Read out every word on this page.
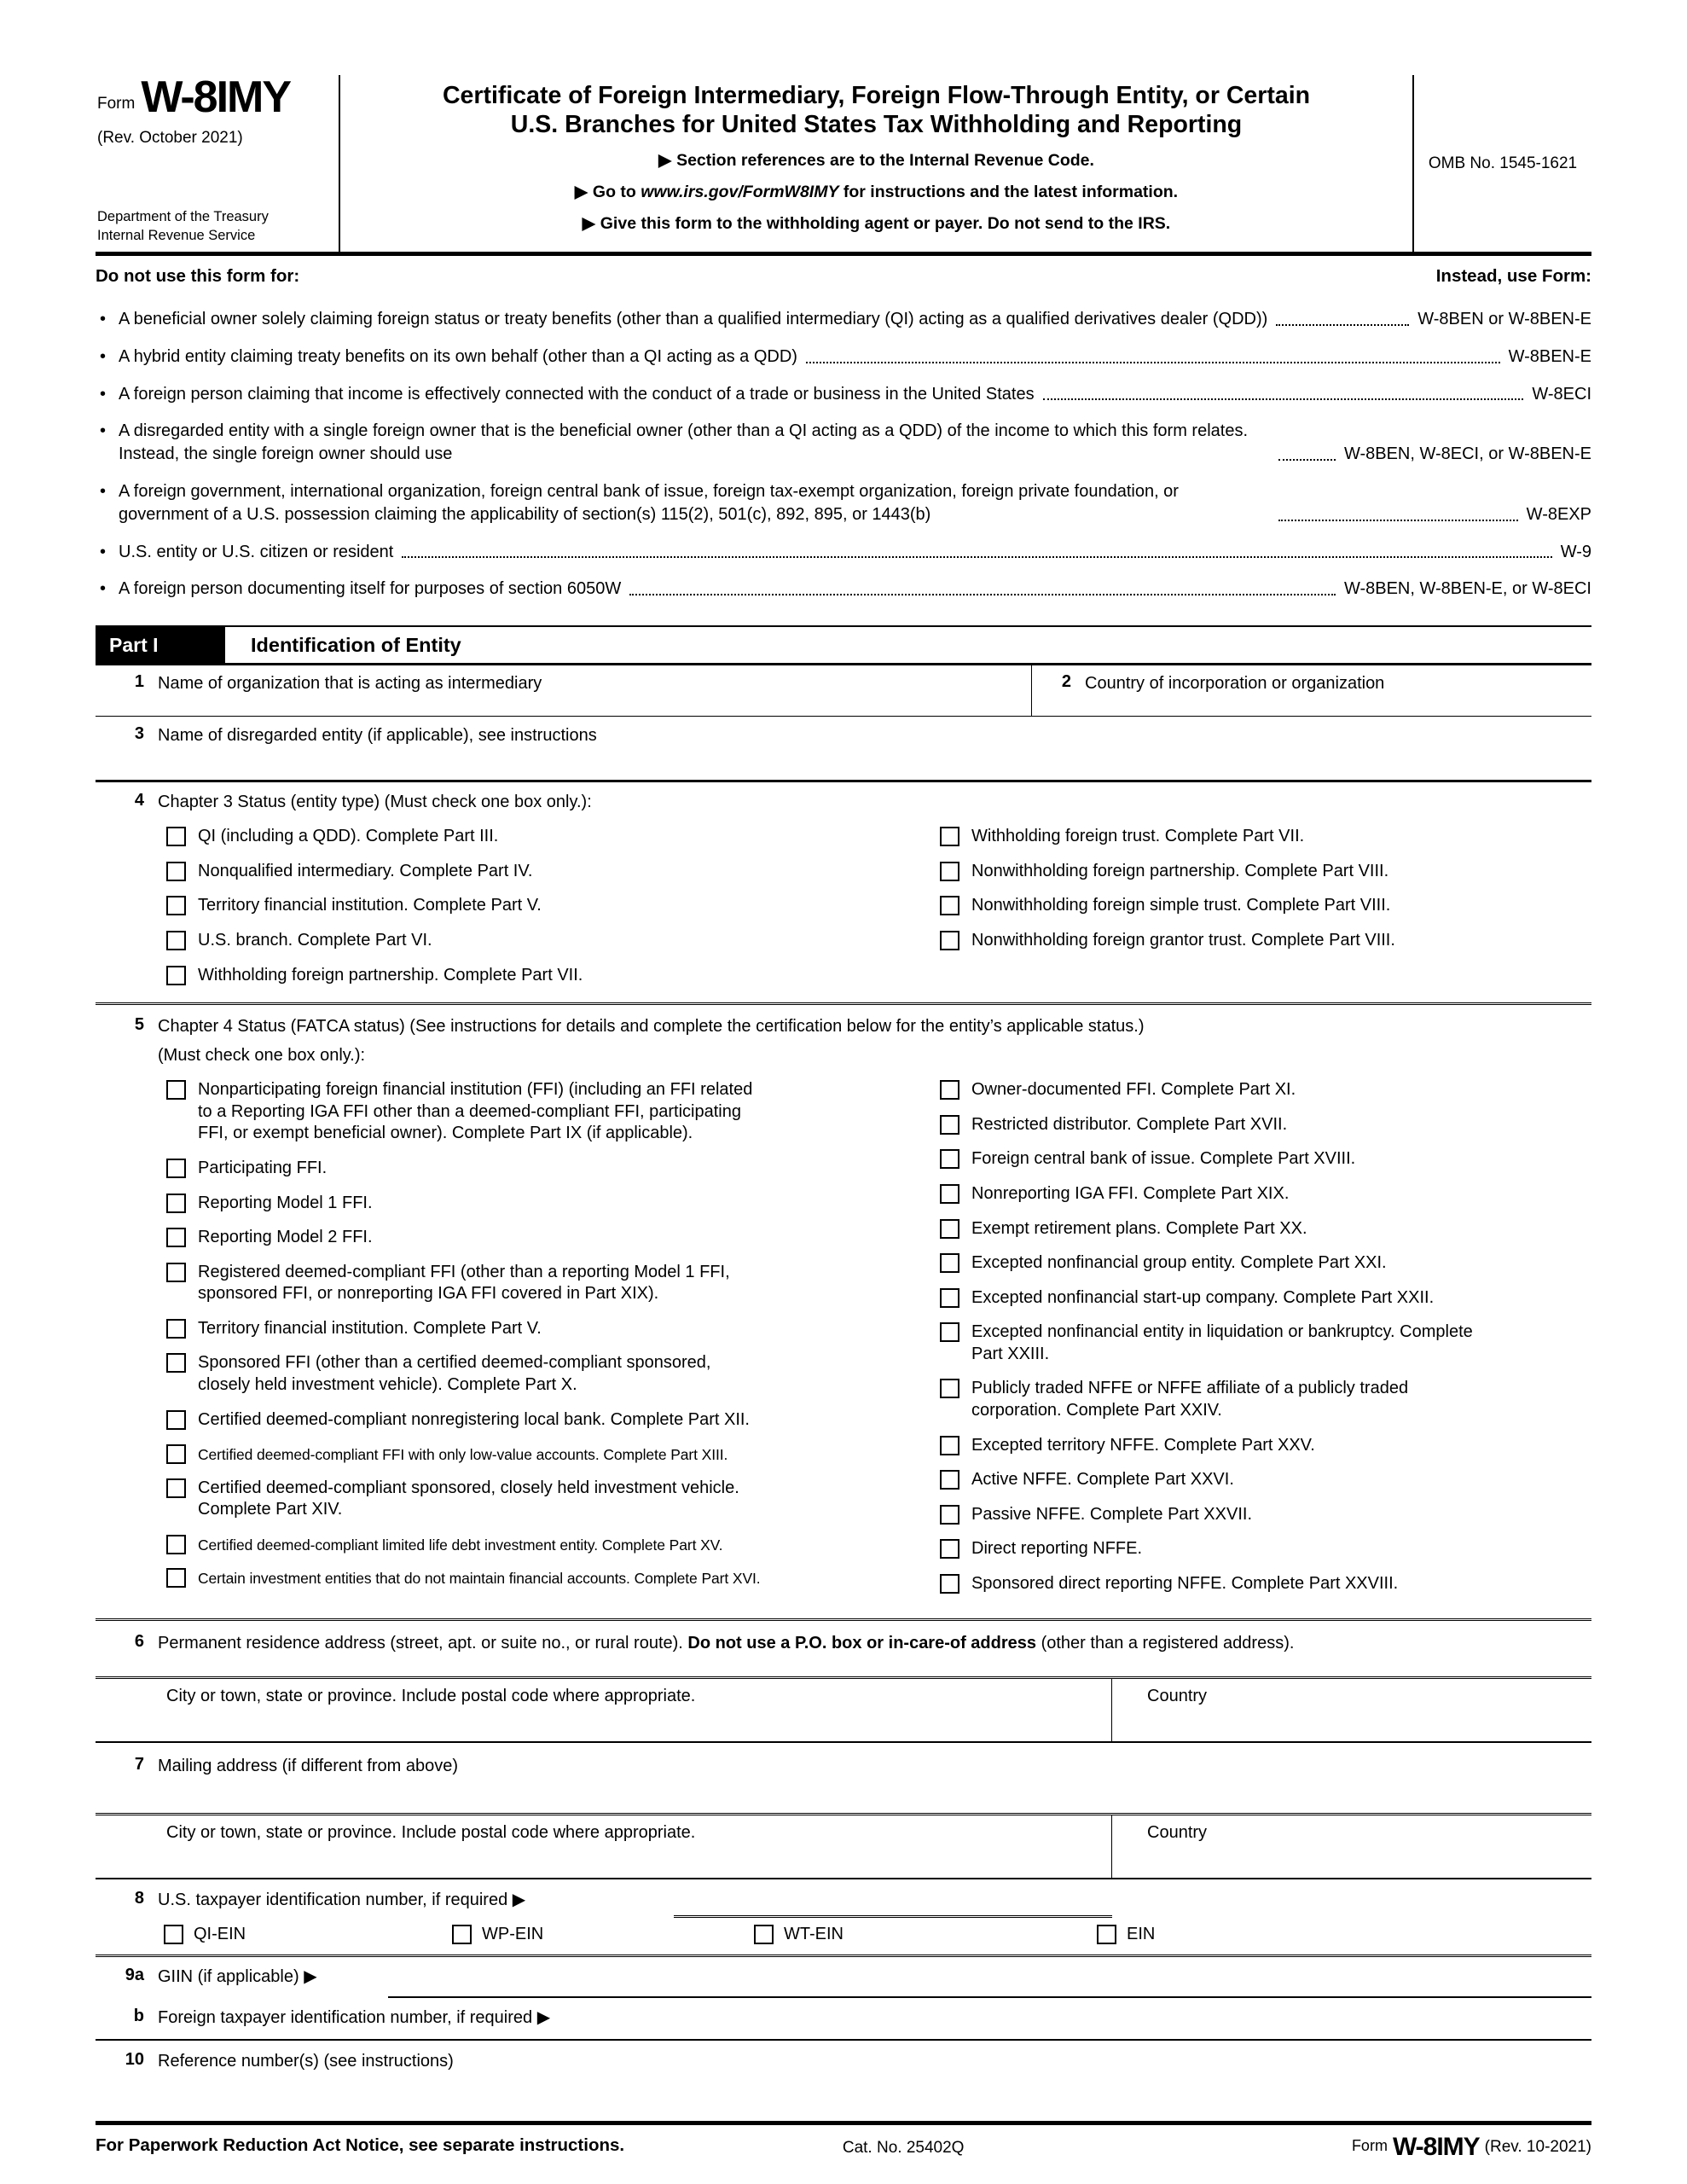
Form W-8IMY
(Rev. October 2021)
Department of the Treasury
Internal Revenue Service
Certificate of Foreign Intermediary, Foreign Flow-Through Entity, or Certain
U.S. Branches for United States Tax Withholding and Reporting
▶ Section references are to the Internal Revenue Code.
▶ Go to www.irs.gov/FormW8IMY for instructions and the latest information.
▶ Give this form to the withholding agent or payer. Do not send to the IRS.
OMB No. 1545-1621
Do not use this form for:	Instead, use Form:
• A beneficial owner solely claiming foreign status or treaty benefits (other than a qualified intermediary (QI) acting as a qualified derivatives dealer (QDD))	W-8BEN or W-8BEN-E
• A hybrid entity claiming treaty benefits on its own behalf (other than a QI acting as a QDD)	W-8BEN-E
• A foreign person claiming that income is effectively connected with the conduct of a trade or business in the United States	W-8ECI
• A disregarded entity with a single foreign owner that is the beneficial owner (other than a QI acting as a QDD) of the income to which this form relates. Instead, the single foreign owner should use	W-8BEN, W-8ECI, or W-8BEN-E
• A foreign government, international organization, foreign central bank of issue, foreign tax-exempt organization, foreign private foundation, or government of a U.S. possession claiming the applicability of section(s) 115(2), 501(c), 892, 895, or 1443(b)	W-8EXP
• U.S. entity or U.S. citizen or resident	W-9
• A foreign person documenting itself for purposes of section 6050W	W-8BEN, W-8BEN-E, or W-8ECI
Part I	Identification of Entity
1 Name of organization that is acting as intermediary	2 Country of incorporation or organization
3 Name of disregarded entity (if applicable), see instructions
4 Chapter 3 Status (entity type) (Must check one box only.):
QI (including a QDD). Complete Part III.
Nonqualified intermediary. Complete Part IV.
Territory financial institution. Complete Part V.
U.S. branch. Complete Part VI.
Withholding foreign partnership. Complete Part VII.
Withholding foreign trust. Complete Part VII.
Nonwithholding foreign partnership. Complete Part VIII.
Nonwithholding foreign simple trust. Complete Part VIII.
Nonwithholding foreign grantor trust. Complete Part VIII.
5 Chapter 4 Status (FATCA status) (See instructions for details and complete the certification below for the entity’s applicable status.)
(Must check one box only.):
Nonparticipating foreign financial institution (FFI) (including an FFI related to a Reporting IGA FFI other than a deemed-compliant FFI, participating FFI, or exempt beneficial owner). Complete Part IX (if applicable).
Participating FFI.
Reporting Model 1 FFI.
Reporting Model 2 FFI.
Registered deemed-compliant FFI (other than a reporting Model 1 FFI, sponsored FFI, or nonreporting IGA FFI covered in Part XIX).
Territory financial institution. Complete Part V.
Sponsored FFI (other than a certified deemed-compliant sponsored, closely held investment vehicle). Complete Part X.
Certified deemed-compliant nonregistering local bank. Complete Part XII.
Certified deemed-compliant FFI with only low-value accounts. Complete Part XIII.
Certified deemed-compliant sponsored, closely held investment vehicle. Complete Part XIV.
Certified deemed-compliant limited life debt investment entity. Complete Part XV.
Certain investment entities that do not maintain financial accounts. Complete Part XVI.
Owner-documented FFI. Complete Part XI.
Restricted distributor. Complete Part XVII.
Foreign central bank of issue. Complete Part XVIII.
Nonreporting IGA FFI. Complete Part XIX.
Exempt retirement plans. Complete Part XX.
Excepted nonfinancial group entity. Complete Part XXI.
Excepted nonfinancial start-up company. Complete Part XXII.
Excepted nonfinancial entity in liquidation or bankruptcy. Complete Part XXIII.
Publicly traded NFFE or NFFE affiliate of a publicly traded corporation. Complete Part XXIV.
Excepted territory NFFE. Complete Part XXV.
Active NFFE. Complete Part XXVI.
Passive NFFE. Complete Part XXVII.
Direct reporting NFFE.
Sponsored direct reporting NFFE. Complete Part XXVIII.
6 Permanent residence address (street, apt. or suite no., or rural route). Do not use a P.O. box or in-care-of address (other than a registered address).
City or town, state or province. Include postal code where appropriate.	Country
7 Mailing address (if different from above)
City or town, state or province. Include postal code where appropriate.	Country
8 U.S. taxpayer identification number, if required ▶
QI-EIN	WP-EIN	WT-EIN	EIN
9a GIIN (if applicable) ▶
b Foreign taxpayer identification number, if required ▶
10 Reference number(s) (see instructions)
For Paperwork Reduction Act Notice, see separate instructions.	Cat. No. 25402Q	Form W-8IMY (Rev. 10-2021)
